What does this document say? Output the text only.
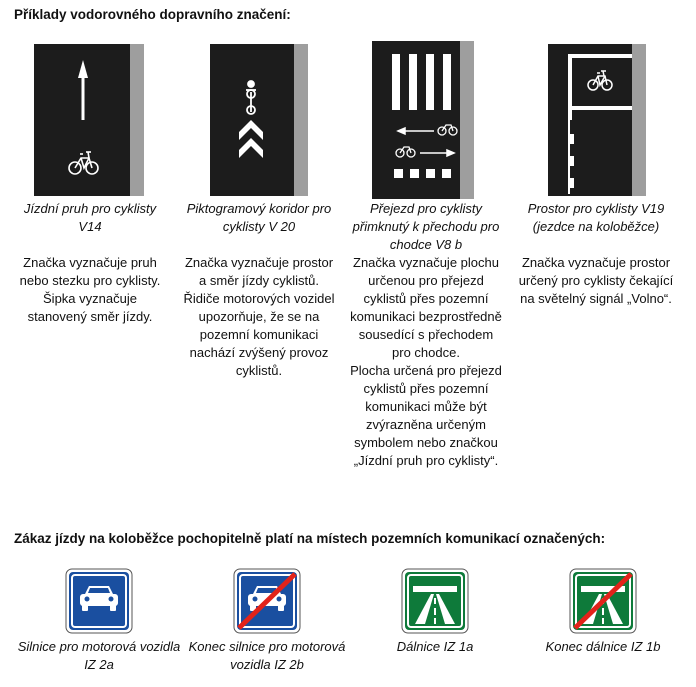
Příklady vodorovného dopravního značení:
Zákaz jízdy na koloběžce pochopitelně platí na místech pozemních komunikací označených:
Jízdní pruh pro cyklisty V14
Značka vyznačuje pruh nebo stezku pro cyklisty. Šipka vyznačuje stanovený směr jízdy.
Piktogramový koridor pro cyklisty V 20
Značka vyznačuje prostor a směr jízdy cyklistů. Řidiče motorových vozidel upozorňuje, že se na pozemní komunikaci nachází zvýšený provoz cyklistů.
Přejezd pro cyklisty přimknutý k přechodu pro chodce V8 b
Značka vyznačuje plochu určenou pro přejezd cyklistů přes pozemní komunikaci bezprostředně sousedící s přechodem pro chodce.
Plocha určená pro přejezd cyklistů přes pozemní komunikaci může být zvýrazněna určeným symbolem nebo značkou „Jízdní pruh pro cyklisty“.
Prostor pro cyklisty V19 (jezdce na koloběžce)
Značka vyznačuje prostor určený pro cyklisty čekající na světelný signál „Volno“.
Silnice pro motorová vozidla IZ 2a
Konec silnice pro motorová vozidla IZ 2b
Dálnice IZ 1a	Konec dálnice IZ 1b
